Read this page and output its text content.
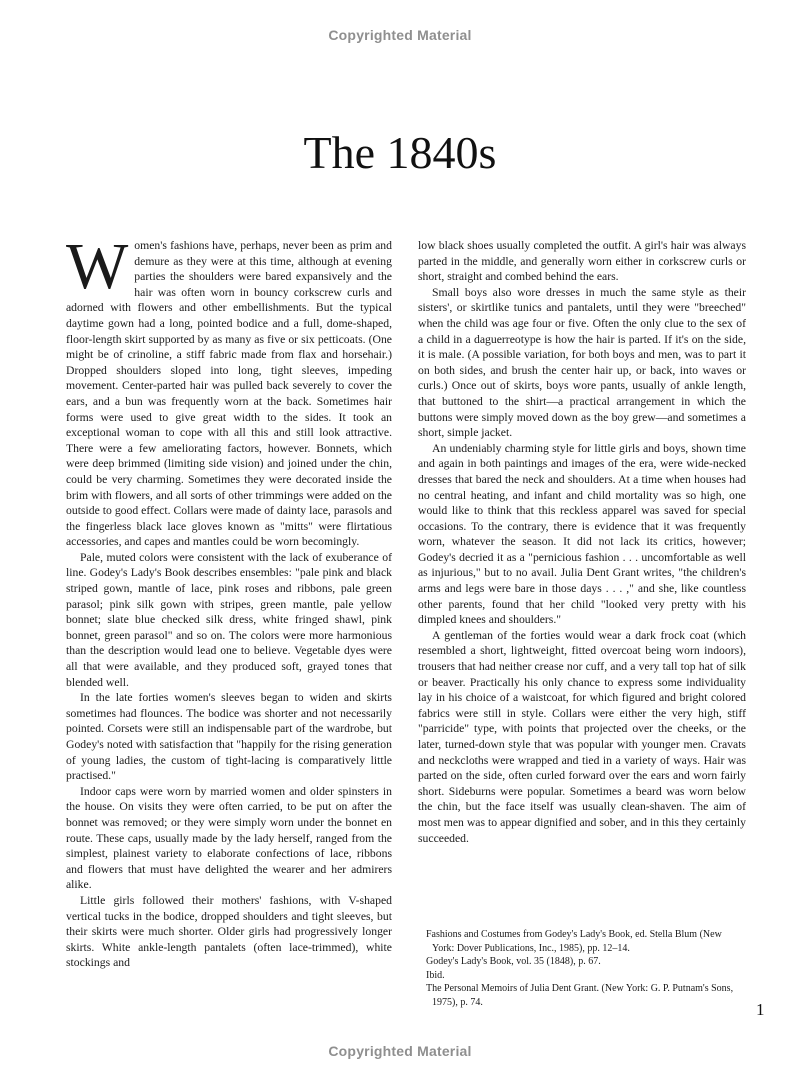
Copyrighted Material
The 1840s

Women's fashions have, perhaps, never been as prim and demure as they were at this time, although at evening parties the shoulders were bared expansively and the hair was often worn in bouncy corkscrew curls and adorned with flowers and other embellishments. But the typical daytime gown had a long, pointed bodice and a full, dome-shaped, floor-length skirt supported by as many as five or six petticoats. (One might be of crinoline, a stiff fabric made from flax and horsehair.) Dropped shoulders sloped into long, tight sleeves, impeding movement. Center-parted hair was pulled back severely to cover the ears, and a bun was frequently worn at the back. Sometimes hair forms were used to give great width to the sides. It took an exceptional woman to cope with all this and still look attractive. There were a few ameliorating factors, however. Bonnets, which were deep brimmed (limiting side vision) and joined under the chin, could be very charming. Sometimes they were decorated inside the brim with flowers, and all sorts of other trimmings were added on the outside to good effect. Collars were made of dainty lace, parasols and the fingerless black lace gloves known as "mitts" were flirtatious accessories, and capes and mantles could be worn becomingly.

Pale, muted colors were consistent with the lack of exuberance of line. Godey's Lady's Book describes ensembles: "pale pink and black striped gown, mantle of lace, pink roses and ribbons, pale green parasol; pink silk gown with stripes, green mantle, pale yellow bonnet; slate blue checked silk dress, white fringed shawl, pink bonnet, green parasol" and so on. The colors were more harmonious than the description would lead one to believe. Vegetable dyes were all that were available, and they produced soft, grayed tones that blended well.

In the late forties women's sleeves began to widen and skirts sometimes had flounces. The bodice was shorter and not necessarily pointed. Corsets were still an indispensable part of the wardrobe, but Godey's noted with satisfaction that "happily for the rising generation of young ladies, the custom of tight-lacing is comparatively little practised."

Indoor caps were worn by married women and older spinsters in the house. On visits they were often carried, to be put on after the bonnet was removed; or they were simply worn under the bonnet en route. These caps, usually made by the lady herself, ranged from the simplest, plainest variety to elaborate confections of lace, ribbons and flowers that must have delighted the wearer and her admirers alike.

Little girls followed their mothers' fashions, with V-shaped vertical tucks in the bodice, dropped shoulders and tight sleeves, but their skirts were much shorter. Older girls had progressively longer skirts. White ankle-length pantalets (often lace-trimmed), white stockings and

low black shoes usually completed the outfit. A girl's hair was always parted in the middle, and generally worn either in corkscrew curls or short, straight and combed behind the ears.

Small boys also wore dresses in much the same style as their sisters', or skirtlike tunics and pantalets, until they were "breeched" when the child was age four or five. Often the only clue to the sex of a child in a daguerreotype is how the hair is parted. If it's on the side, it is male. (A possible variation, for both boys and men, was to part it on both sides, and brush the center hair up, or back, into waves or curls.) Once out of skirts, boys wore pants, usually of ankle length, that buttoned to the shirt—a practical arrangement in which the buttons were simply moved down as the boy grew—and sometimes a short, simple jacket.

An undeniably charming style for little girls and boys, shown time and again in both paintings and images of the era, were wide-necked dresses that bared the neck and shoulders. At a time when houses had no central heating, and infant and child mortality was so high, one would like to think that this reckless apparel was saved for special occasions. To the contrary, there is evidence that it was frequently worn, whatever the season. It did not lack its critics, however; Godey's decried it as a "pernicious fashion . . . uncomfortable as well as injurious," but to no avail. Julia Dent Grant writes, "the children's arms and legs were bare in those days . . . ," and she, like countless other parents, found that her child "looked very pretty with his dimpled knees and shoulders."

A gentleman of the forties would wear a dark frock coat (which resembled a short, lightweight, fitted overcoat being worn indoors), trousers that had neither crease nor cuff, and a very tall top hat of silk or beaver. Practically his only chance to express some individuality lay in his choice of a waistcoat, for which figured and bright colored fabrics were still in style. Collars were either the very high, stiff "parricide" type, with points that projected over the cheeks, or the later, turned-down style that was popular with younger men. Cravats and neckcloths were wrapped and tied in a variety of ways. Hair was parted on the side, often curled forward over the ears and worn fairly short. Sideburns were popular. Sometimes a beard was worn below the chin, but the face itself was usually clean-shaven. The aim of most men was to appear dignified and sober, and in this they certainly succeeded.

Fashions and Costumes from Godey's Lady's Book, ed. Stella Blum (New York: Dover Publications, Inc., 1985), pp. 12–14.

Godey's Lady's Book, vol. 35 (1848), p. 67.

Ibid.

The Personal Memoirs of Julia Dent Grant. (New York: G. P. Putnam's Sons, 1975), p. 74.	1
Copyrighted Material
